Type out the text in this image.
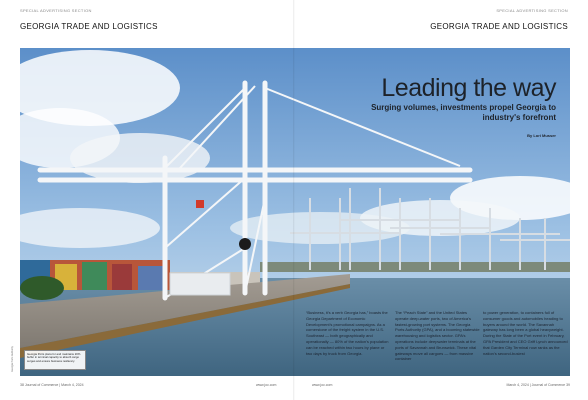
SPECIAL ADVERTISING SECTION	SPECIAL ADVERTISING SECTION
GEORGIA TRADE AND LOGISTICS	GEORGIA TRADE AND LOGISTICS
Leading the way
Surging volumes, investments propel Georgia to industry's forefront
By Lori Musser
“Business, it’s a verb Georgia has,” boasts the Georgia Department of Economic Development’s promotional campaigns. As a cornerstone of the freight system in the U.S. Southeast — both geographically and operationally — 80% of the nation’s population can be reached within two hours by plane or two days by truck from Georgia.
The “Peach State” and the United States operate deep-water ports, two of America’s fastest-growing port systems. The Georgia Ports Authority (GPA), and a booming statewide warehousing and logistics sector. GPA’s operations include deepwater terminals at the ports of Savannah and Brunswick. These vital gateways move all cargoes — from massive container
to power generation, to containers full of consumer goods and automobiles heading to buyers around the world. The Savannah gateway has long been a global heavyweight. During the State of the Port event in February, GPA President and CEO Griff Lynch announced that Garden City Terminal now ranks as the nation’s second-busiest
Georgia Ports plans for and maintains 20% buffer in terminal capacity to absorb cargo surges and ensure business resiliency.
Georgia Ports Authority
38 Journal of Commerce | March 4, 2024	www.joc.com	www.joc.com	March 4, 2024 | Journal of Commerce 39
